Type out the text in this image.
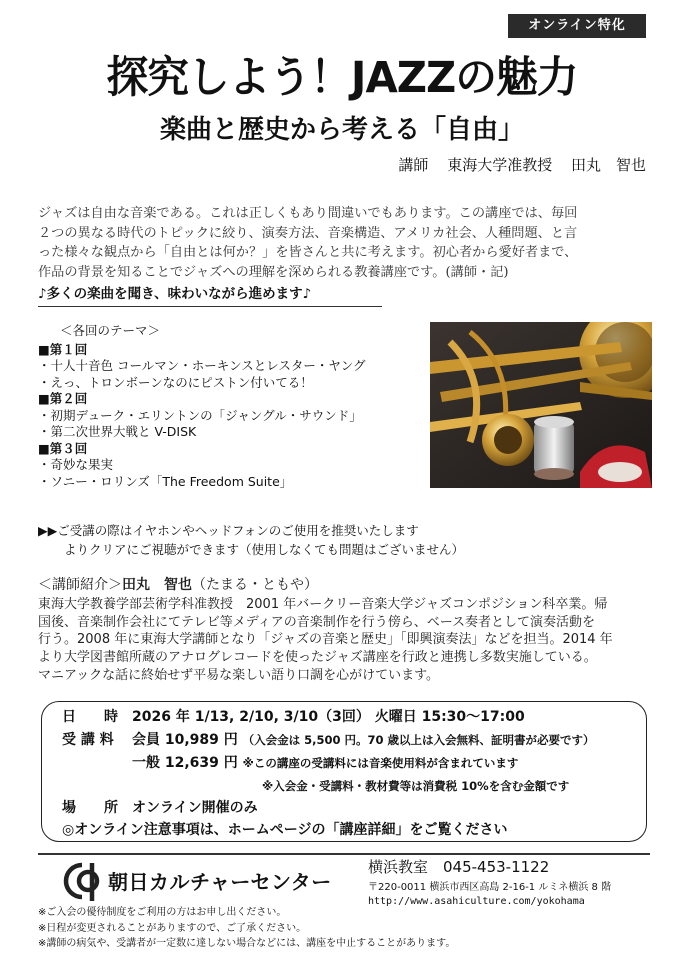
オンライン特化
探究しよう！JAZZの魅力
楽曲と歴史から考える「自由」
講師 東海大学准教授 田丸　智也
ジャズは自由な音楽である。これは正しくもあり間違いでもあります。この講座では、毎回
２つの異なる時代のトピックに絞り、演奏方法、音楽構造、アメリカ社会、人種問題、と言
った様々な観点から「自由とは何か？」を皆さんと共に考えます。初心者から愛好者まで、
作品の背景を知ることでジャズへの理解を深められる教養講座です。(講師・記)
♪多くの楽曲を聞き、味わいながら進めます♪
＜各回のテーマ＞
■第１回
・十人十音色 コールマン・ホーキンスとレスター・ヤング
・えっ、トロンボーンなのにピストン付いてる！
■第２回
・初期デューク・エリントンの「ジャングル・サウンド」
・第二次世界大戦と V-DISK
■第３回
・奇妙な果実
・ソニー・ロリンズ「The Freedom Suite」
▶▶ご受講の際はイヤホンやヘッドフォンのご使用を推奨いたします
よりクリアにご視聴ができます（使用しなくても問題はございません）
＜講師紹介＞田丸　智也（たまる・ともや）
東海大学教養学部芸術学科准教授　2001 年バークリー音楽大学ジャズコンポジション科卒業。帰
国後、音楽制作会社にてテレビ等メディアの音楽制作を行う傍ら、ベース奏者として演奏活動を
行う。2008 年に東海大学講師となり「ジャズの音楽と歴史」「即興演奏法」などを担当。2014 年
より大学図書館所蔵のアナログレコードを使ったジャズ講座を行政と連携し多数実施している。
マニアックな話に終始せず平易な楽しい語り口調を心がけています。
日　　時 2026 年 1/13, 2/10, 3/10（3回） 火曜日 15:30～17:00
受 講 料 会員 10,989 円 （入会金は 5,500 円。70 歳以上は入会無料、証明書が必要です）
一般 12,639 円 ※この講座の受講料には音楽使用料が含まれています
※入会金・受講料・教材費等は消費税 10%を含む金額です
場　　所 オンライン開催のみ
◎オンライン注意事項は、ホームページの「講座詳細」をご覧ください
朝日カルチャーセンター
横浜教室　045-453-1122
〒220-0011 横浜市西区高島 2-16-1 ルミネ横浜 8 階
http://www.asahiculture.com/yokohama
※ご入会の優待制度をご利用の方はお申し出ください。
※日程が変更されることがありますので、ご了承ください。
※講師の病気や、受講者が一定数に達しない場合などには、講座を中止することがあります。
